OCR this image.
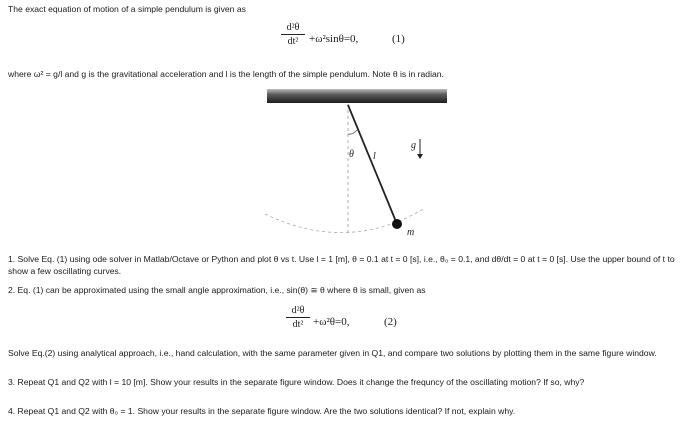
The exact equation of motion of a simple pendulum is given as
d²θ
dt² +ω²sinθ=0,	(1)
where ω² = g/l and g is the gravitational acceleration and l is the length of the simple pendulum. Note θ is in radian.
θ l
g
m
1. Solve Eq. (1) using ode solver in Matlab/Octave or Python and plot θ vs t. Use l = 1 [m], θ = 0.1 at t = 0 [s], i.e., θ₀ = 0.1, and dθ/dt = 0 at t = 0 [s]. Use the upper bound of t to show a few oscillating curves.
2. Eq. (1) can be approximated using the small angle approximation, i.e., sin(θ) ≅ θ where θ is small, given as
d²θ
dt² +ω²θ=0,	(2)
Solve Eq.(2) using analytical approach, i.e., hand calculation, with the same parameter given in Q1, and compare two solutions by plotting them in the same figure window.
3. Repeat Q1 and Q2 with l = 10 [m]. Show your results in the separate figure window. Does it change the frequncy of the oscillating motion? If so, why?
4. Repeat Q1 and Q2 with θ₀ = 1. Show your results in the separate figure window. Are the two solutions identical? If not, explain why.
